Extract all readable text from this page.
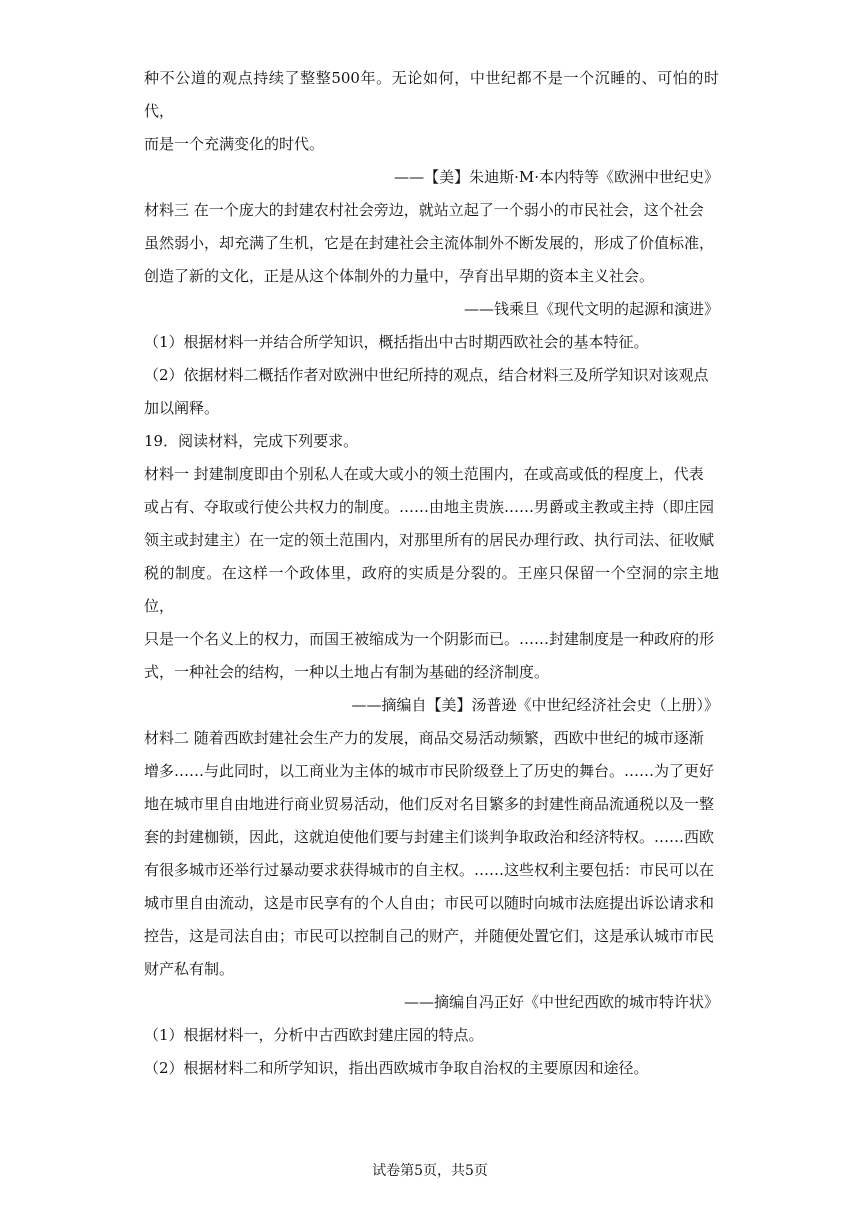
种不公道的观点持续了整整500年。无论如何，中世纪都不是一个沉睡的、可怕的时代，

而是一个充满变化的时代。

——【美】朱迪斯·M·本内特等《欧洲中世纪史》

材料三 在一个庞大的封建农村社会旁边，就站立起了一个弱小的市民社会，这个社会

虽然弱小，却充满了生机，它是在封建社会主流体制外不断发展的，形成了价值标准，

创造了新的文化，正是从这个体制外的力量中，孕育出早期的资本主义社会。

——钱乘旦《现代文明的起源和演进》

（1）根据材料一并结合所学知识，概括指出中古时期西欧社会的基本特征。

（2）依据材料二概括作者对欧洲中世纪所持的观点，结合材料三及所学知识对该观点

加以阐释。

19．阅读材料，完成下列要求。

材料一 封建制度即由个别私人在或大或小的领土范围内，在或高或低的程度上，代表

或占有、夺取或行使公共权力的制度。……由地主贵族……男爵或主教或主持（即庄园

领主或封建主）在一定的领土范围内，对那里所有的居民办理行政、执行司法、征收赋

税的制度。在这样一个政体里，政府的实质是分裂的。王座只保留一个空洞的宗主地位，

只是一个名义上的权力，而国王被缩成为一个阴影而已。……封建制度是一种政府的形

式，一种社会的结构，一种以土地占有制为基础的经济制度。

——摘编自【美】汤普逊《中世纪经济社会史（上册）》

材料二 随着西欧封建社会生产力的发展，商品交易活动频繁，西欧中世纪的城市逐渐

增多……与此同时，以工商业为主体的城市市民阶级登上了历史的舞台。……为了更好

地在城市里自由地进行商业贸易活动，他们反对名目繁多的封建性商品流通税以及一整

套的封建枷锁，因此，这就迫使他们要与封建主们谈判争取政治和经济特权。……西欧

有很多城市还举行过暴动要求获得城市的自主权。……这些权利主要包括：市民可以在

城市里自由流动，这是市民享有的个人自由；市民可以随时向城市法庭提出诉讼请求和

控告，这是司法自由；市民可以控制自己的财产，并随便处置它们，这是承认城市市民

财产私有制。

——摘编自冯正好《中世纪西欧的城市特许状》

（1）根据材料一，分析中古西欧封建庄园的特点。

（2）根据材料二和所学知识，指出西欧城市争取自治权的主要原因和途径。

试卷第5页，共5页
